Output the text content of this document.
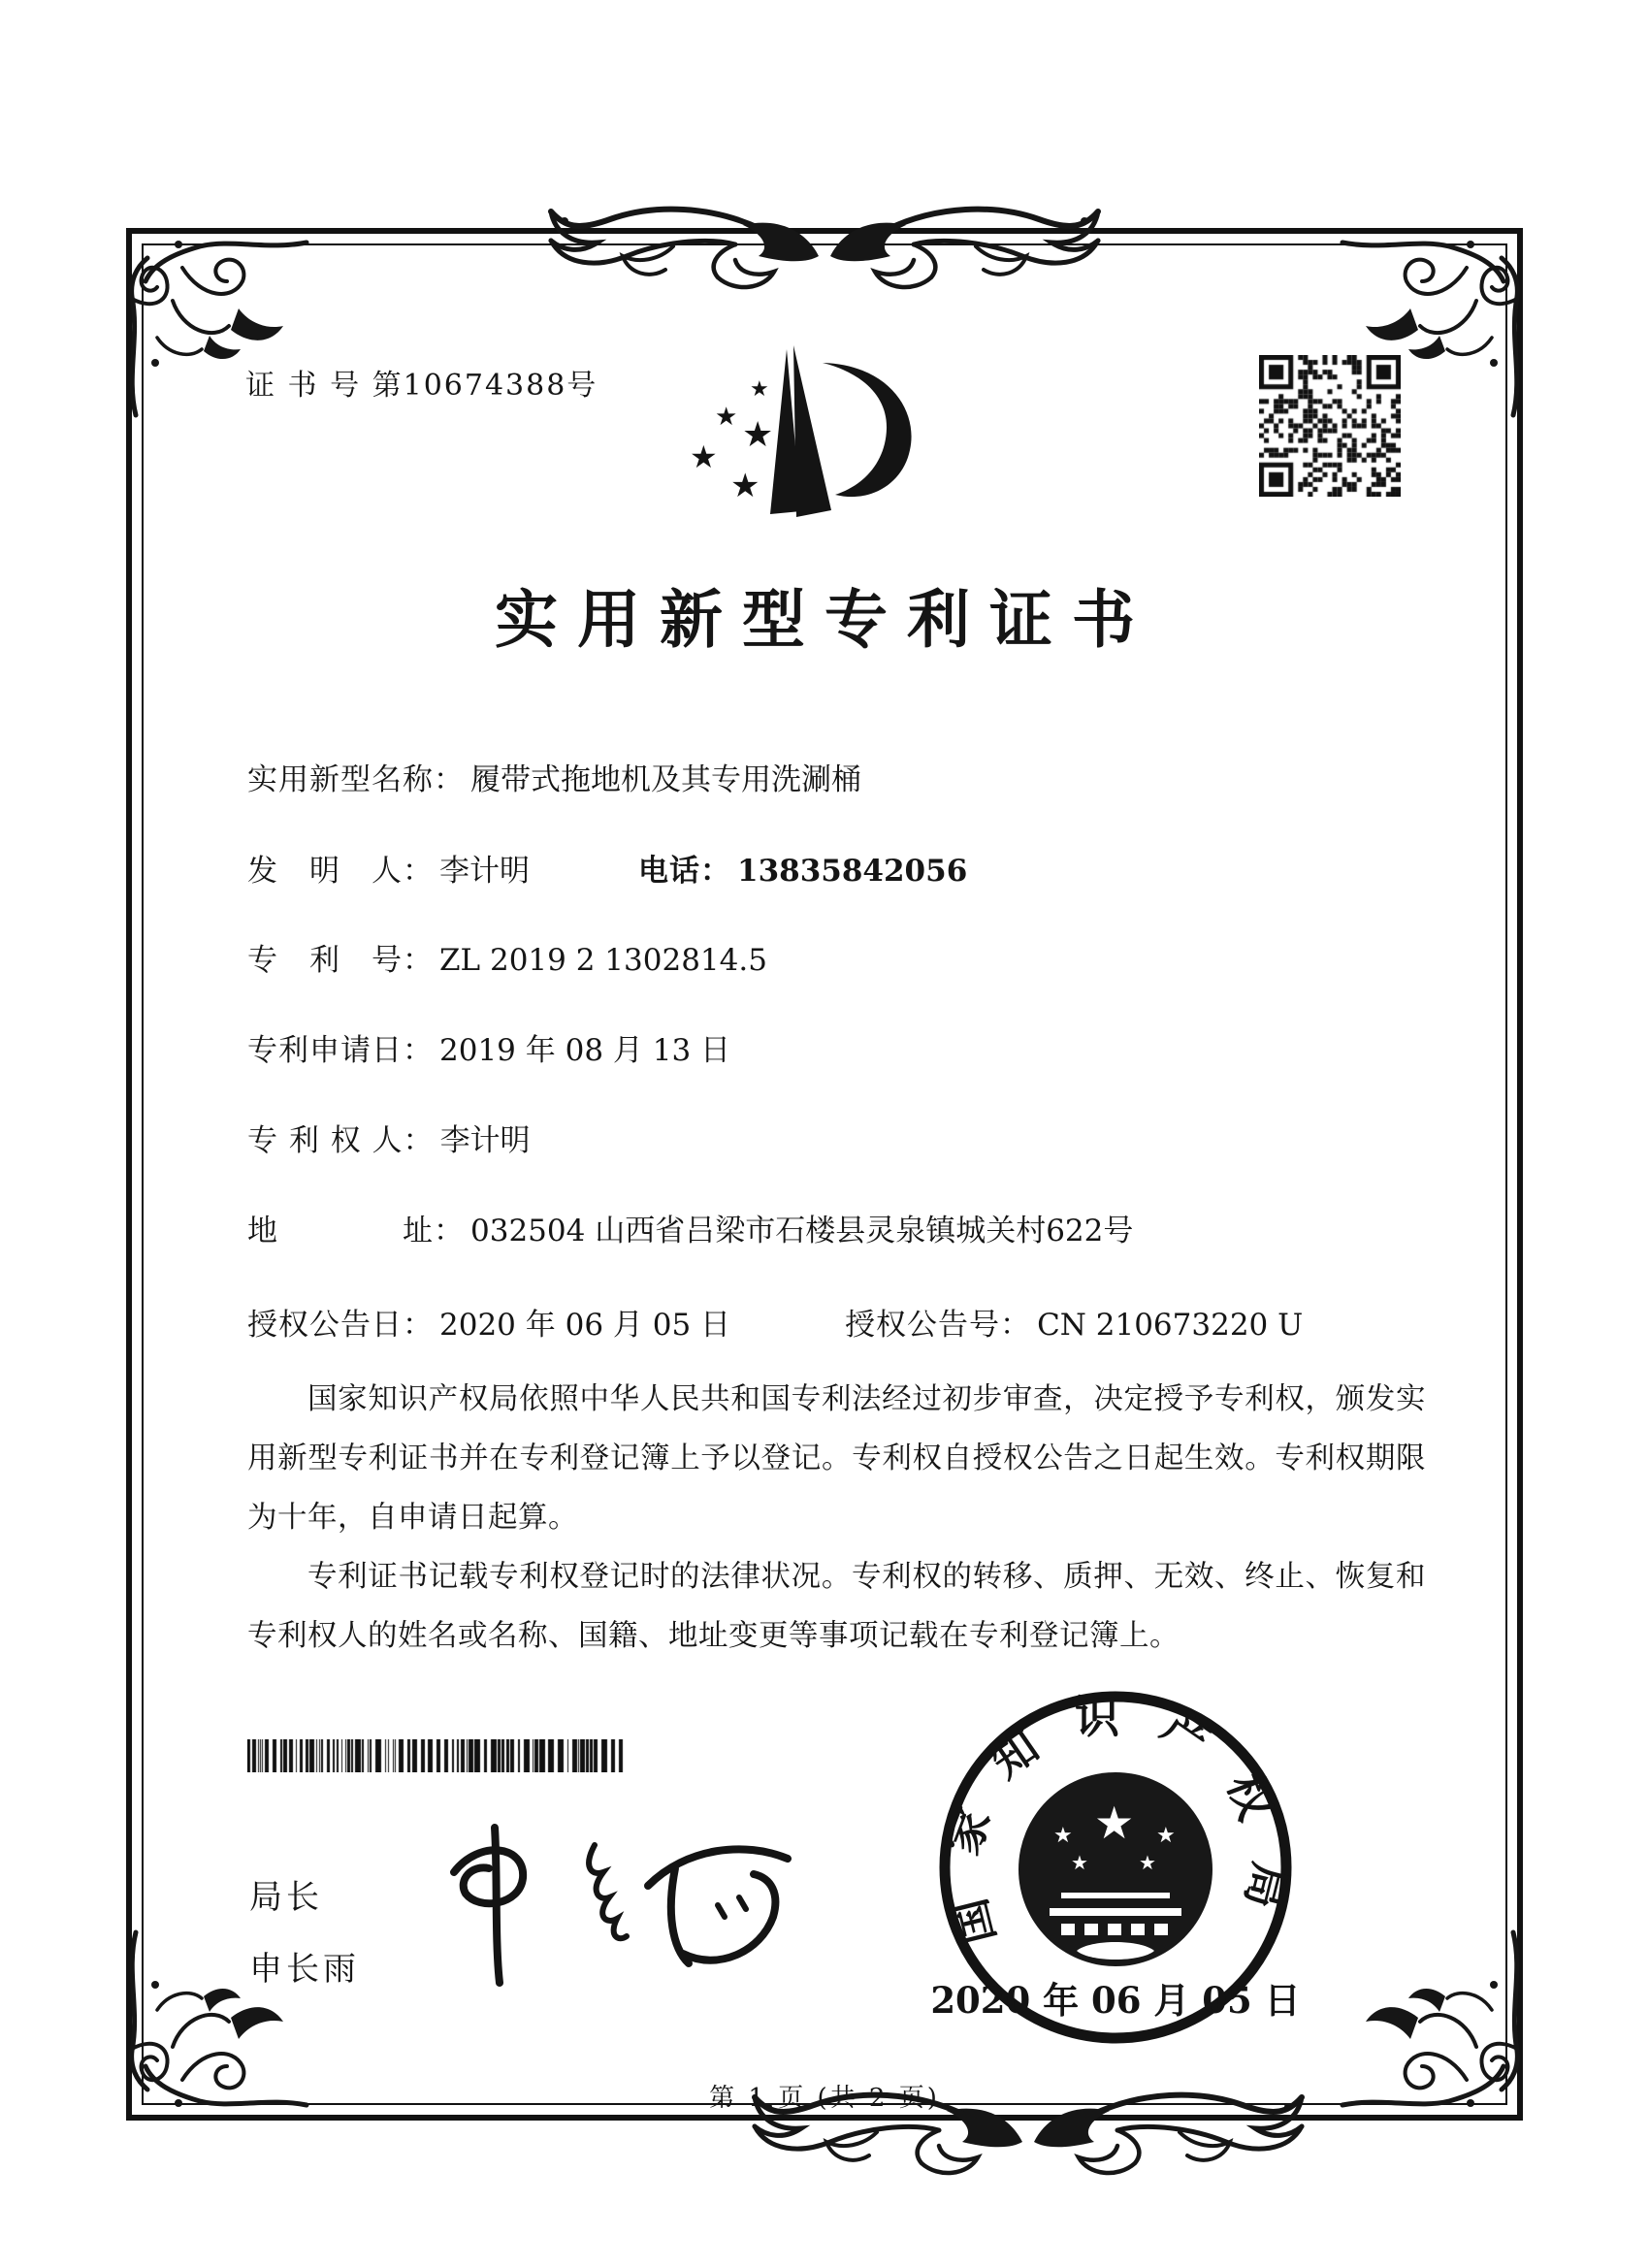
证 书 号 第10674388号	★
★ ★
★
★
实用新型专利证书
实用新型名称： 履带式拖地机及其专用洗涮桶
发　明　人： 李计明	电话： 13835842056
专　利　号： ZL 2019 2 1302814.5
专利申请日： 2019 年 08 月 13 日
专 利 权 人： 李计明
地　　　　址： 032504 山西省吕梁市石楼县灵泉镇城关村622号
授权公告日： 2020 年 06 月 05 日	授权公告号： CN 210673220 U

国家知识产权局依照中华人民共和国专利法经过初步审查，决定授予专利权，颁发实用新型专利证书并在专利登记簿上予以登记。专利权自授权公告之日起生效。专利权期限为十年，自申请日起算。

专利证书记载专利权登记时的法律状况。专利权的转移、质押、无效、终止、恢复和专利权人的姓名或名称、国籍、地址变更等事项记载在专利登记簿上。

局长
申长雨
国家知识产权局
★
★	★
★	★
2020 年 06 月 05 日
第 1 页 (共 2 页)
